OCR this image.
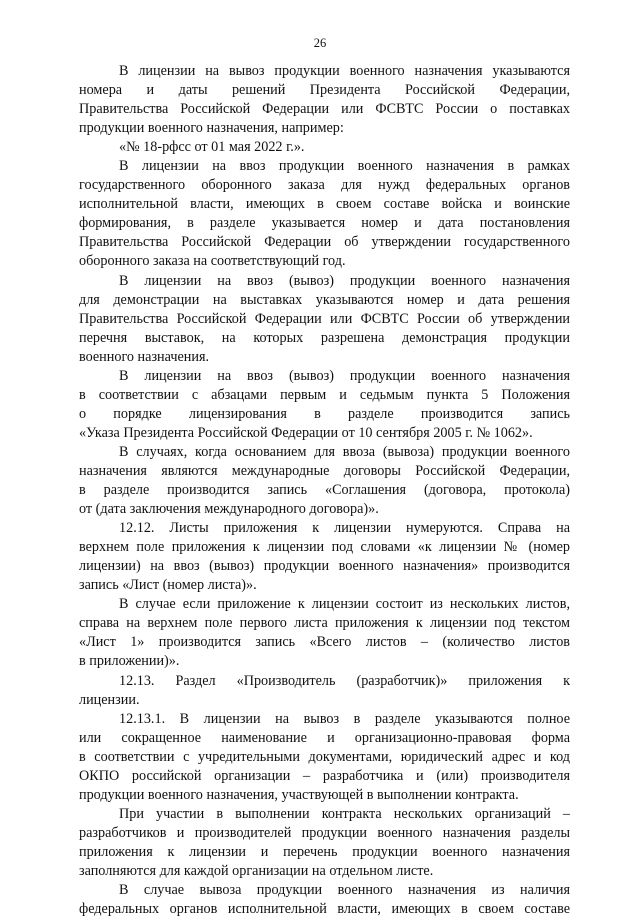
26
В лицензии на вывоз продукции военного назначения указываются
номера и даты решений Президента Российской Федерации,
Правительства Российской Федерации или ФСВТС России о поставках
продукции военного назначения, например:
«№ 18-рфсс от 01 мая 2022 г.».
В лицензии на ввоз продукции военного назначения в рамках
государственного оборонного заказа для нужд федеральных органов
исполнительной власти, имеющих в своем составе войска и воинские
формирования, в разделе указывается номер и дата постановления
Правительства Российской Федерации об утверждении государственного
оборонного заказа на соответствующий год.
В лицензии на ввоз (вывоз) продукции военного назначения
для демонстрации на выставках указываются номер и дата решения
Правительства Российской Федерации или ФСВТС России об утверждении
перечня выставок, на которых разрешена демонстрация продукции
военного назначения.
В лицензии на ввоз (вывоз) продукции военного назначения
в соответствии с абзацами первым и седьмым пункта 5 Положения
о порядке лицензирования в разделе производится запись
«Указа Президента Российской Федерации от 10 сентября 2005 г. № 1062».
В случаях, когда основанием для ввоза (вывоза) продукции военного
назначения являются международные договоры Российской Федерации,
в разделе производится запись «Соглашения (договора, протокола)
от (дата заключения международного договора)».
12.12. Листы приложения к лицензии нумеруются. Справа на
верхнем поле приложения к лицензии под словами «к лицензии № (номер
лицензии) на ввоз (вывоз) продукции военного назначения» производится
запись «Лист (номер листа)».
В случае если приложение к лицензии состоит из нескольких листов,
справа на верхнем поле первого листа приложения к лицензии под текстом
«Лист 1» производится запись «Всего листов – (количество листов
в приложении)».
12.13. Раздел «Производитель (разработчик)» приложения к
лицензии.
12.13.1. В лицензии на вывоз в разделе указываются полное
или сокращенное наименование и организационно-правовая форма
в соответствии с учредительными документами, юридический адрес и код
ОКПО российской организации – разработчика и (или) производителя
продукции военного назначения, участвующей в выполнении контракта.
При участии в выполнении контракта нескольких организаций –
разработчиков и производителей продукции военного назначения разделы
приложения к лицензии и перечень продукции военного назначения
заполняются для каждой организации на отдельном листе.
В случае вывоза продукции военного назначения из наличия
федеральных органов исполнительной власти, имеющих в своем составе
